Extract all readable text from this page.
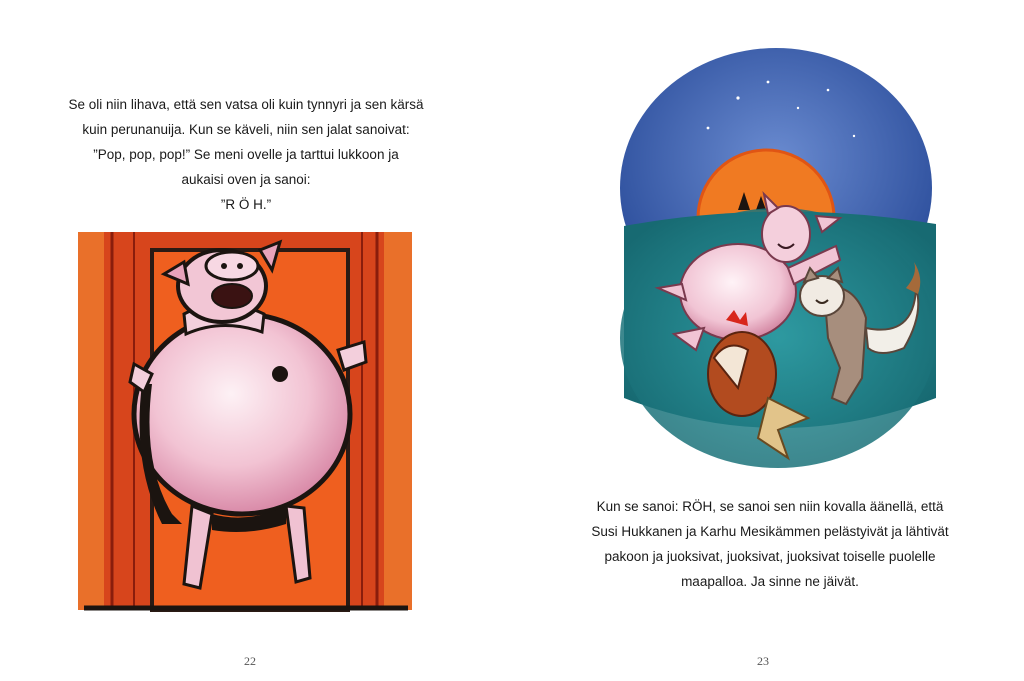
Se oli niin lihava, että sen vatsa oli kuin tynnyri ja sen kärsä
kuin perunanuija. Kun se käveli, niin sen jalat sanoivat:
”Pop, pop, pop!” Se meni ovelle ja tarttui lukkoon ja
aukaisi oven ja sanoi:
”R Ö H.”
22
Kun se sanoi: RÖH, se sanoi sen niin kovalla äänellä, että
Susi Hukkanen ja Karhu Mesikämmen pelästyivät ja lähtivät
pakoon ja juoksivat, juoksivat, juoksivat toiselle puolelle
maapalloa. Ja sinne ne jäivät.
23
